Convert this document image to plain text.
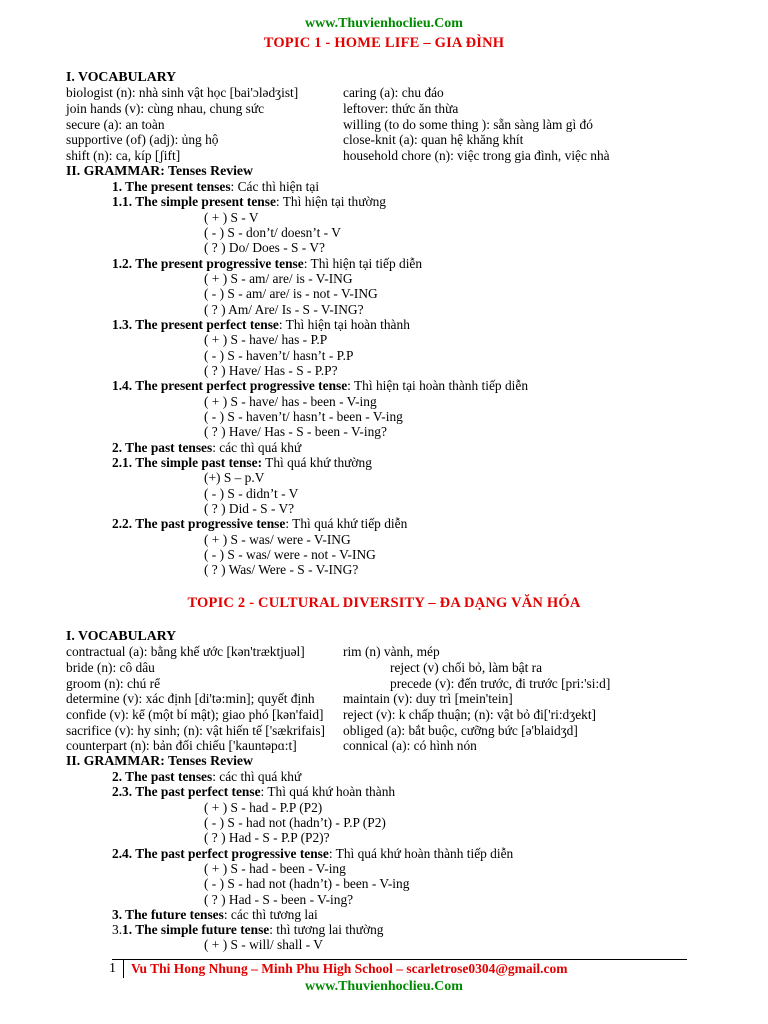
www.Thuvienhoclieu.Com
TOPIC 1 - HOME LIFE – GIA ĐÌNH
I. VOCABULARY
biologist (n): nhà sinh vật học [bai'ɔlədʒist]
join hands (v): cùng nhau, chung sức
secure (a): an toàn
supportive (of) (adj): ủng hộ
shift (n): ca, kíp [ʃift]
caring (a): chu đáo
leftover: thức ăn thừa
willing (to do some thing ): sẵn sàng làm gì đó
close-knit (a): quan hệ khăng khít
household chore (n): việc trong gia đình, việc nhà
II. GRAMMAR: Tenses Review
1. The present tenses: Các thì hiện tại
1.1. The simple present tense: Thì hiện tại thường
( + ) S - V
( - ) S - don’t/ doesn’t - V
( ? ) Do/ Does - S - V?
1.2. The present progressive tense: Thì hiện tại tiếp diễn
( + ) S - am/ are/ is - V-ING
( - ) S - am/ are/ is - not - V-ING
( ? ) Am/ Are/ Is - S - V-ING?
1.3. The present perfect tense: Thì hiện tại hoàn thành
( + ) S - have/ has - P.P
( - ) S - haven’t/ hasn’t - P.P
( ? ) Have/ Has - S - P.P?
1.4. The present perfect progressive tense: Thì hiện tại hoàn thành tiếp diễn
( + ) S - have/ has - been - V-ing
( - ) S - haven’t/ hasn’t - been - V-ing
( ? ) Have/ Has - S - been - V-ing?
2. The past tenses: các thì quá khứ
2.1. The simple past tense: Thì quá khứ thường
(+) S – p.V
( - ) S - didn’t - V
( ? ) Did - S - V?
2.2. The past progressive tense: Thì quá khứ tiếp diễn
( + ) S - was/ were - V-ING
( - ) S - was/ were - not - V-ING
( ? ) Was/ Were - S - V-ING?
TOPIC 2 - CULTURAL DIVERSITY – ĐA DẠNG VĂN HÓA
I. VOCABULARY
contractual (a): bằng khế ước [kən'træktjuəl]
bride (n): cô dâu
groom (n): chú rể
determine (v): xác định [di'tə:min]; quyết định
confide (v): kể (một bí mật); giao phó [kən'faid]
sacrifice (v): hy sinh; (n): vật hiến tế ['sækrifais]
counterpart (n): bản đối chiếu ['kauntəpɑ:t]
rim (n) vành, mép
reject (v) chối bỏ, làm bật ra
precede (v): đến trước, đi trước [pri:'si:d]
maintain (v): duy trì [mein'tein]
reject (v): k chấp thuận; (n): vật bỏ đi['ri:dʒekt]
obliged (a): bắt buộc, cưỡng bức [ə'blaidʒd]
connical (a): có hình nón
II. GRAMMAR: Tenses Review
2. The past tenses: các thì quá khứ
2.3. The past perfect tense: Thì quá khứ hoàn thành
( + ) S - had - P.P (P2)
( - ) S - had not (hadn’t) - P.P (P2)
( ? ) Had - S - P.P (P2)?
2.4. The past perfect progressive tense: Thì quá khứ hoàn thành tiếp diễn
( + ) S - had - been - V-ing
( - ) S - had not (hadn’t) - been - V-ing
( ? ) Had - S - been - V-ing?
3. The future tenses: các thì tương lai
3.1. The simple future tense: thì tương lai thường
( + ) S - will/ shall - V
1 Vu Thi Hong Nhung – Minh Phu High School – scarletrose0304@gmail.com
www.Thuvienhoclieu.Com
